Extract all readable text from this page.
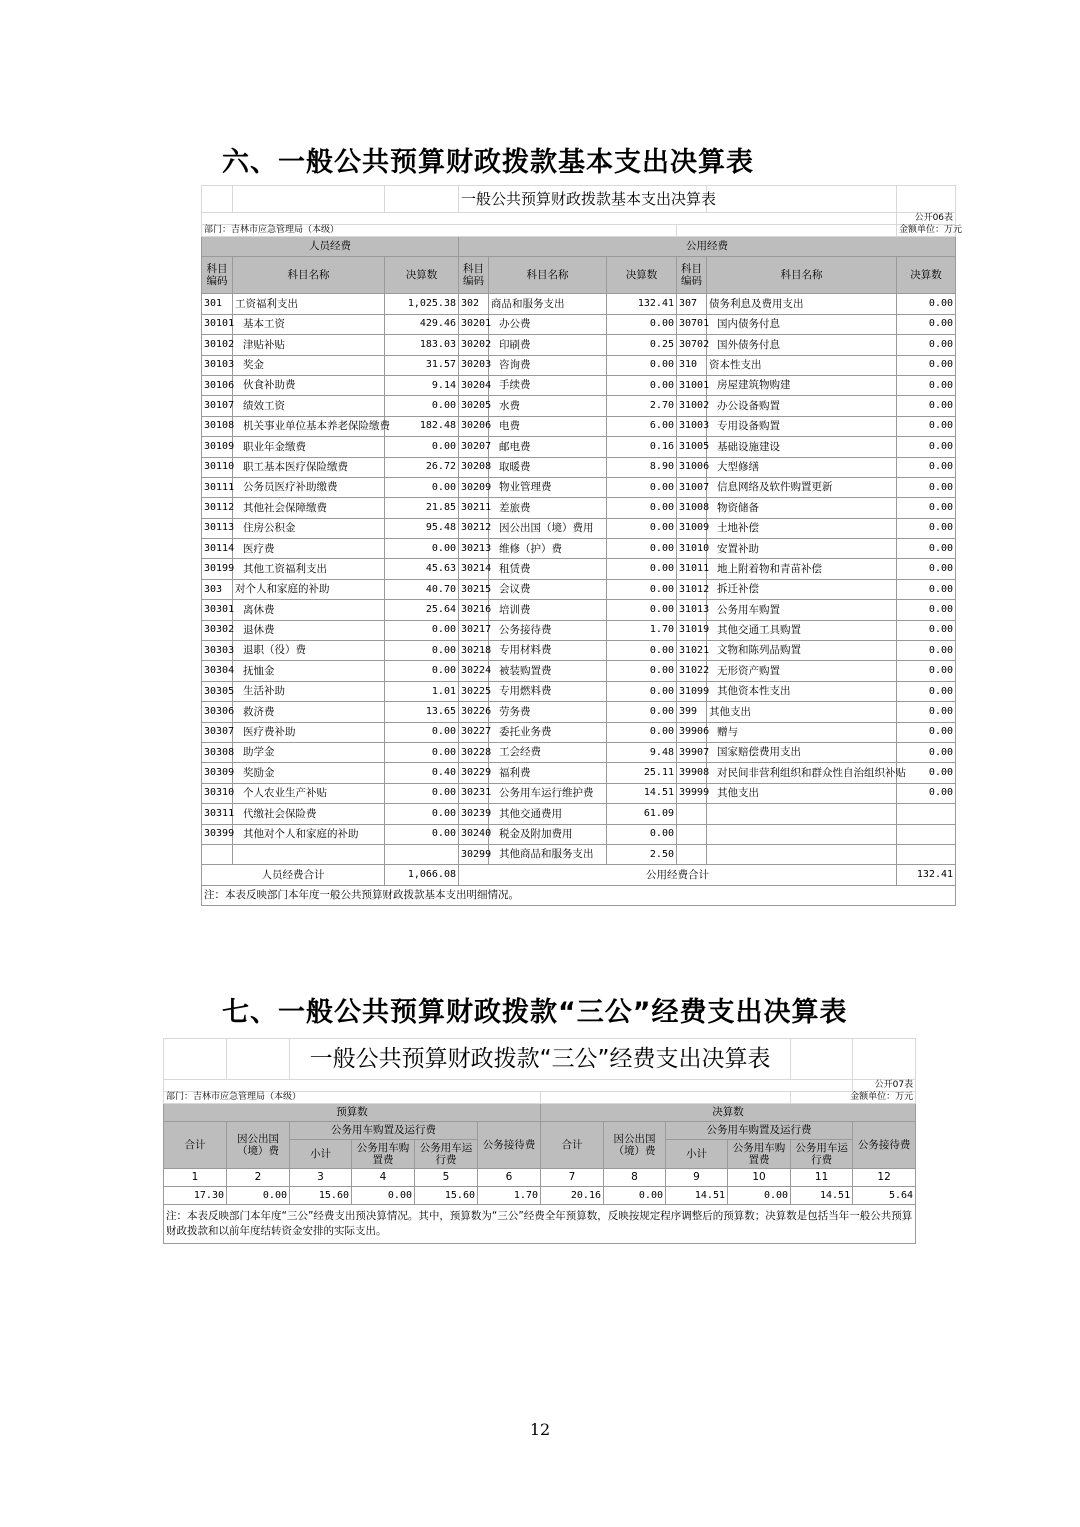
六、一般公共预算财政拨款基本支出决算表
			一般公共预算财政拨款基本支出决算表					
								公开06表
部门：吉林市应急管理局（本级）								金额单位：万元
人员经费			公用经费					
科目编码	科目名称	决算数	科目编码	科目名称	决算数	科目编码	科目名称	决算数
301	工资福利支出	1,025.38	302	商品和服务支出	132.41	307	债务利息及费用支出	0.00
30101	基本工资	429.46	30201	办公费	0.00	30701	国内债务付息	0.00
30102	津贴补贴	183.03	30202	印刷费	0.25	30702	国外债务付息	0.00
30103	奖金	31.57	30203	咨询费	0.00	310	资本性支出	0.00
30106	伙食补助费	9.14	30204	手续费	0.00	31001	房屋建筑物购建	0.00
30107	绩效工资	0.00	30205	水费	2.70	31002	办公设备购置	0.00
30108	机关事业单位基本养老保险缴费	182.48	30206	电费	6.00	31003	专用设备购置	0.00
30109	职业年金缴费	0.00	30207	邮电费	0.16	31005	基础设施建设	0.00
30110	职工基本医疗保险缴费	26.72	30208	取暖费	8.90	31006	大型修缮	0.00
30111	公务员医疗补助缴费	0.00	30209	物业管理费	0.00	31007	信息网络及软件购置更新	0.00
30112	其他社会保障缴费	21.85	30211	差旅费	0.00	31008	物资储备	0.00
30113	住房公积金	95.48	30212	因公出国（境）费用	0.00	31009	土地补偿	0.00
30114	医疗费	0.00	30213	维修（护）费	0.00	31010	安置补助	0.00
30199	其他工资福利支出	45.63	30214	租赁费	0.00	31011	地上附着物和青苗补偿	0.00
303	对个人和家庭的补助	40.70	30215	会议费	0.00	31012	拆迁补偿	0.00
30301	离休费	25.64	30216	培训费	0.00	31013	公务用车购置	0.00
30302	退休费	0.00	30217	公务接待费	1.70	31019	其他交通工具购置	0.00
30303	退职（役）费	0.00	30218	专用材料费	0.00	31021	文物和陈列品购置	0.00
30304	抚恤金	0.00	30224	被装购置费	0.00	31022	无形资产购置	0.00
30305	生活补助	1.01	30225	专用燃料费	0.00	31099	其他资本性支出	0.00
30306	救济费	13.65	30226	劳务费	0.00	399	其他支出	0.00
30307	医疗费补助	0.00	30227	委托业务费	0.00	39906	赠与	0.00
30308	助学金	0.00	30228	工会经费	9.48	39907	国家赔偿费用支出	0.00
30309	奖励金	0.40	30229	福利费	25.11	39908	对民间非营利组织和群众性自治组织补贴	0.00
30310	个人农业生产补贴	0.00	30231	公务用车运行维护费	14.51	39999	其他支出	0.00
30311	代缴社会保险费	0.00	30239	其他交通费用	61.09			
30399	其他对个人和家庭的补助	0.00	30240	税金及附加费用	0.00			
			30299	其他商品和服务支出	2.50			
人员经费合计		1,066.08	公用经费合计					132.41
注：本表反映部门本年度一般公共预算财政拨款基本支出明细情况。								
七、一般公共预算财政拨款“三公”经费支出决算表
		一般公共预算财政拨款“三公”经费支出决算表									
											公开07表
部门：吉林市应急管理局（本级）										金额单位：万元	
预算数						决算数					
合计	因公出国（境）费	公务用车购置及运行费			公务接待费	合计	因公出国（境）费	公务用车购置及运行费			公务接待费
		小计	公务用车购置费	公务用车运行费				小计	公务用车购置费	公务用车运行费	
1	2	3	4	5	6	7	8	9	10	11	12
17.30	0.00	15.60	0.00	15.60	1.70	20.16	0.00	14.51	0.00	14.51	5.64
注：本表反映部门本年度“三公”经费支出预决算情况。其中，预算数为“三公”经费全年预算数，反映按规定程序调整后的预算数；决算数是包括当年一般公共预算财政拨款和以前年度结转资金安排的实际支出。											
12
